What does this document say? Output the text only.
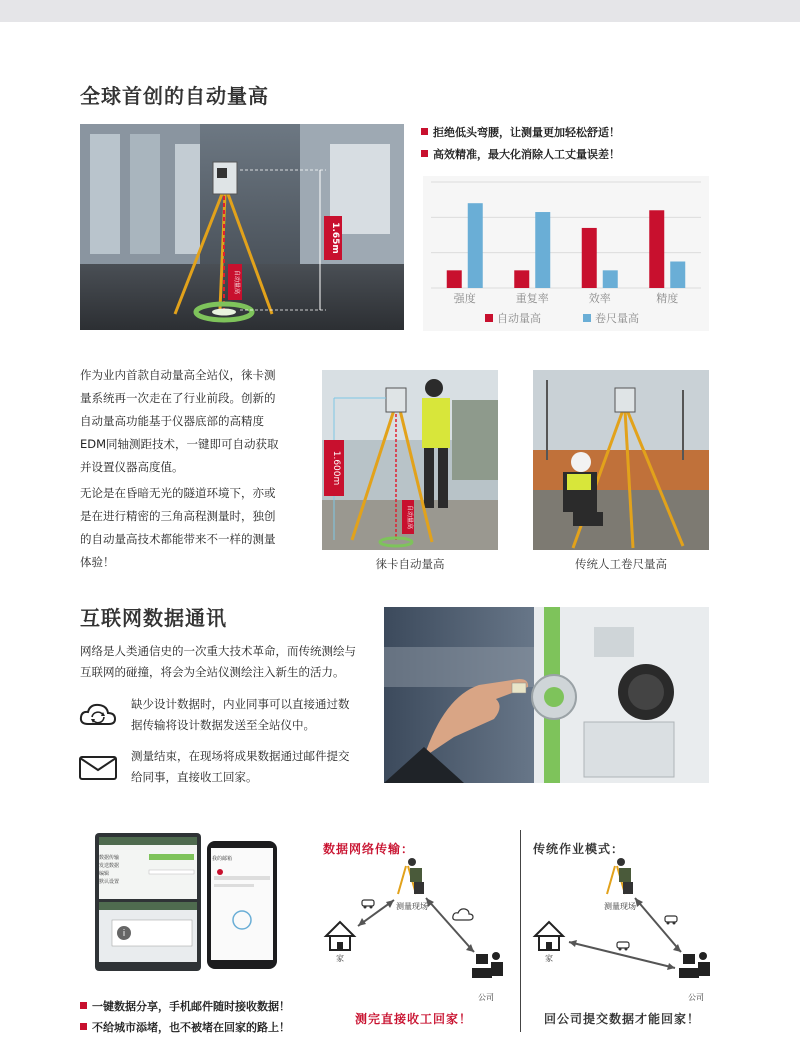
全球首创的自动量高
自动量高
1.65m
拒绝低头弯腰，让测量更加轻松舒适！
高效精准，最大化消除人工丈量误差！
强度	重复率	效率	精度
自动量高	卷尺量高
作为业内首款自动量高全站仪，徕卡测
量系统再一次走在了行业前段。创新的
自动量高功能基于仪器底部的高精度
EDM同轴测距技术，一键即可自动获取
并设置仪器高度值。
无论是在昏暗无光的隧道环境下，亦或
是在进行精密的三角高程测量时，独创
的自动量高技术都能带来不一样的测量
体验！
1.600m
自动量高
徕卡自动量高	传统人工卷尺量高
互联网数据通讯
网络是人类通信史的一次重大技术革命，而传统测绘与
互联网的碰撞，将会为全站仪测绘注入新生的活力。
缺少设计数据时，内业同事可以直接通过数
据传输将设计数据发送至全站仪中。
测量结束，在现场将成果数据通过邮件提交
给同事，直接收工回家。
i
数据传输
发送数据
编辑
默认设置
我的邮箱
一键数据分享，手机邮件随时接收数据！
不给城市添堵，也不被堵在回家的路上！
数据网络传输：
测量现场
家
公司
测完直接收工回家！
传统作业模式：
测量现场
家
公司
回公司提交数据才能回家！
